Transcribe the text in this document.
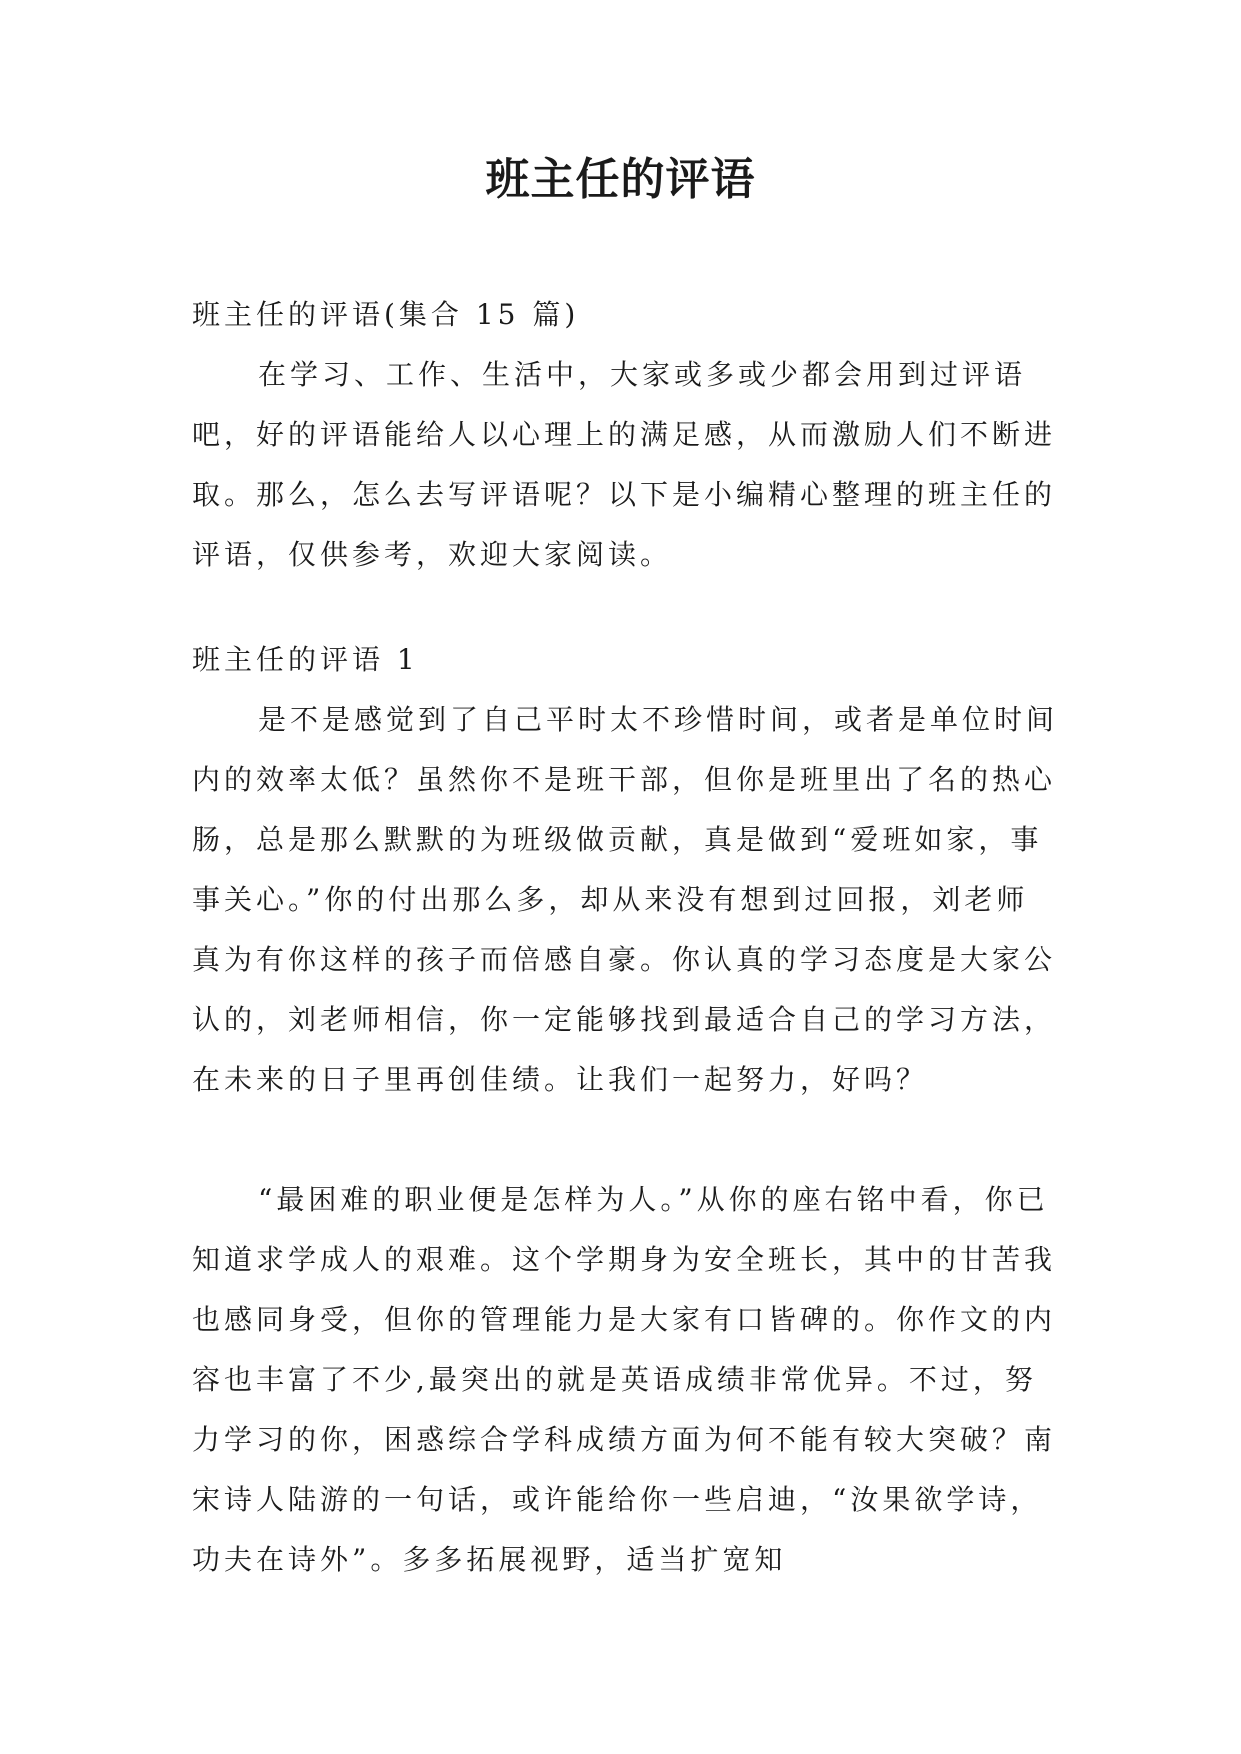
班主任的评语

班主任的评语(集合 15 篇)

在学习、工作、生活中，大家或多或少都会用到过评语吧，好的评语能给人以心理上的满足感，从而激励人们不断进取。那么，怎么去写评语呢？以下是小编精心整理的班主任的评语，仅供参考，欢迎大家阅读。

班主任的评语 1

是不是感觉到了自己平时太不珍惜时间，或者是单位时间内的效率太低？虽然你不是班干部，但你是班里出了名的热心肠，总是那么默默的为班级做贡献，真是做到“爱班如家，事事关心。”你的付出那么多，却从来没有想到过回报，刘老师真为有你这样的孩子而倍感自豪。你认真的学习态度是大家公认的，刘老师相信，你一定能够找到最适合自己的学习方法，在未来的日子里再创佳绩。让我们一起努力，好吗？

“最困难的职业便是怎样为人。”从你的座右铭中看，你已知道求学成人的艰难。这个学期身为安全班长，其中的甘苦我也感同身受，但你的管理能力是大家有口皆碑的。你作文的内容也丰富了不少,最突出的就是英语成绩非常优异。不过，努力学习的你，困惑综合学科成绩方面为何不能有较大突破？南宋诗人陆游的一句话，或许能给你一些启迪，“汝果欲学诗，功夫在诗外”。多多拓展视野，适当扩宽知
